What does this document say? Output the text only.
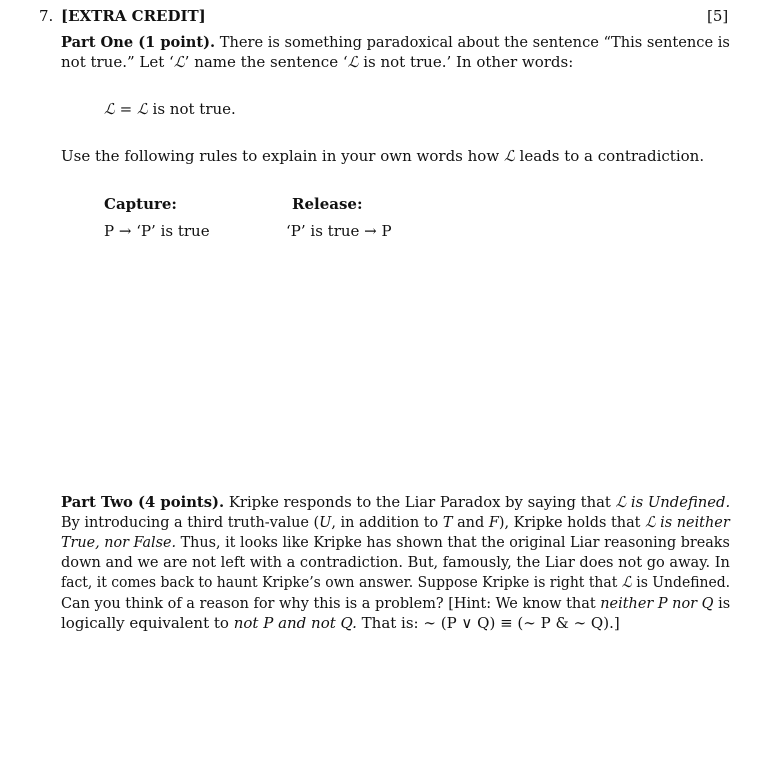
7. [EXTRA CREDIT]	[5]
Part One (1 point). There is something paradoxical about the sentence “This sentence is
not true.” Let ‘ℒ’ name the sentence ‘ℒ is not true.’ In other words:
ℒ = ℒ is not true.
Use the following rules to explain in your own words how ℒ leads to a contradiction.
Capture:	Release:
P → ‘P’ is true	‘P’ is true → P
Part Two (4 points). Kripke responds to the Liar Paradox by saying that ℒ is Undefined.
By introducing a third truth-value (U, in addition to T and F), Kripke holds that ℒ is neither
True, nor False. Thus, it looks like Kripke has shown that the original Liar reasoning breaks
down and we are not left with a contradiction. But, famously, the Liar does not go away. In
fact, it comes back to haunt Kripke’s own answer. Suppose Kripke is right that ℒ is Undefined.
Can you think of a reason for why this is a problem? [Hint: We know that neither P nor Q is
logically equivalent to not P and not Q. That is: ∼ (P ∨ Q) ≡ (∼ P & ∼ Q).]
